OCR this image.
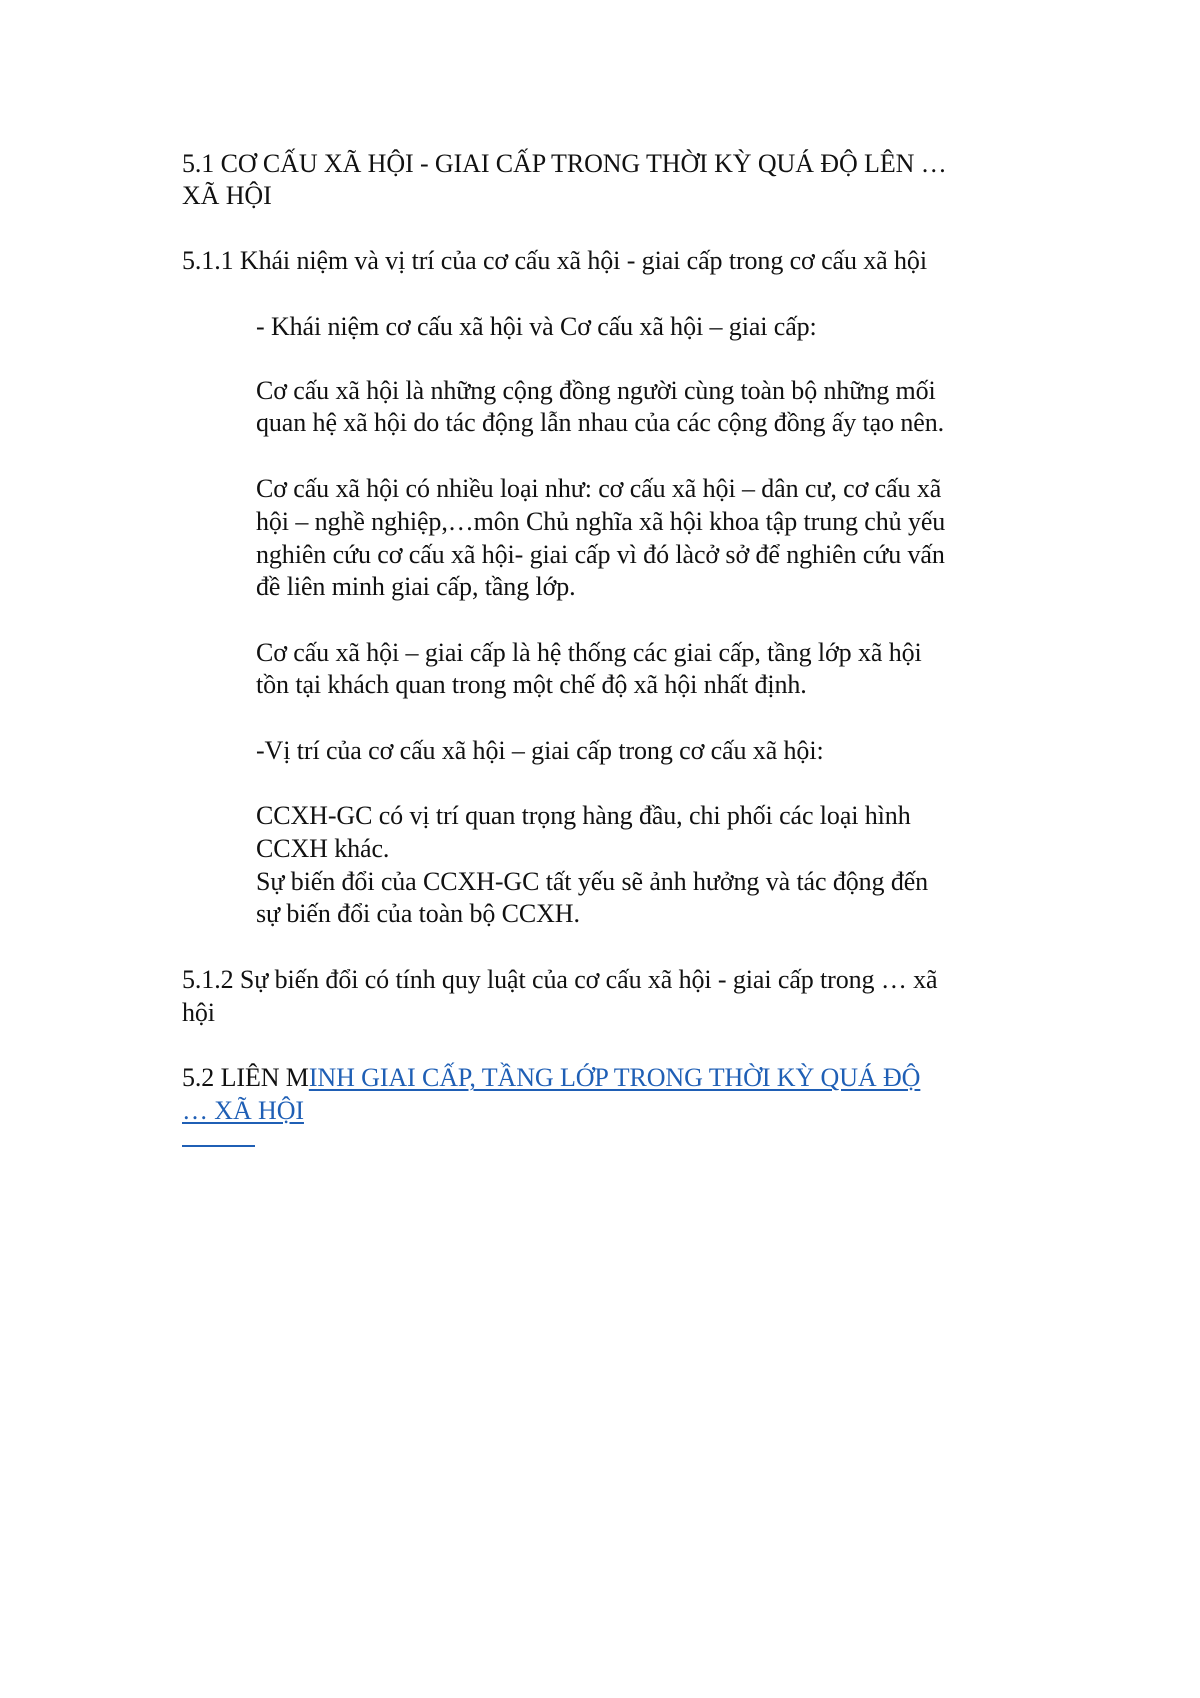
5.1 CƠ CẤU XÃ HỘI - GIAI CẤP TRONG THỜI KỲ QUÁ ĐỘ LÊN …
XÃ HỘI
5.1.1 Khái niệm và vị trí của cơ cấu xã hội - giai cấp trong cơ cấu xã hội
- Khái niệm cơ cấu xã hội và Cơ cấu xã hội – giai cấp:
Cơ cấu xã hội là những cộng đồng người cùng toàn bộ những mối
quan hệ xã hội do tác động lẫn nhau của các cộng đồng ấy tạo nên.
Cơ cấu xã hội có nhiều loại như: cơ cấu xã hội – dân cư, cơ cấu xã
hội – nghề nghiệp,…môn Chủ nghĩa xã hội khoa tập trung chủ yếu
nghiên cứu cơ cấu xã hội- giai cấp vì đó làcở sở để nghiên cứu vấn
đề liên minh giai cấp, tầng lớp.
Cơ cấu xã hội – giai cấp là hệ thống các giai cấp, tầng lớp xã hội
tồn tại khách quan trong một chế độ xã hội nhất định.
-Vị trí của cơ cấu xã hội – giai cấp trong cơ cấu xã hội:
CCXH-GC có vị trí quan trọng hàng đầu, chi phối các loại hình
CCXH khác.
Sự biến đổi của CCXH-GC tất yếu sẽ ảnh hưởng và tác động đến
sự biến đổi của toàn bộ CCXH.
5.1.2 Sự biến đổi có tính quy luật của cơ cấu xã hội - giai cấp trong … xã
hội
5.2 LIÊN MINH GIAI CẤP, TẦNG LỚP TRONG THỜI KỲ QUÁ ĐỘ
… XÃ HỘI
